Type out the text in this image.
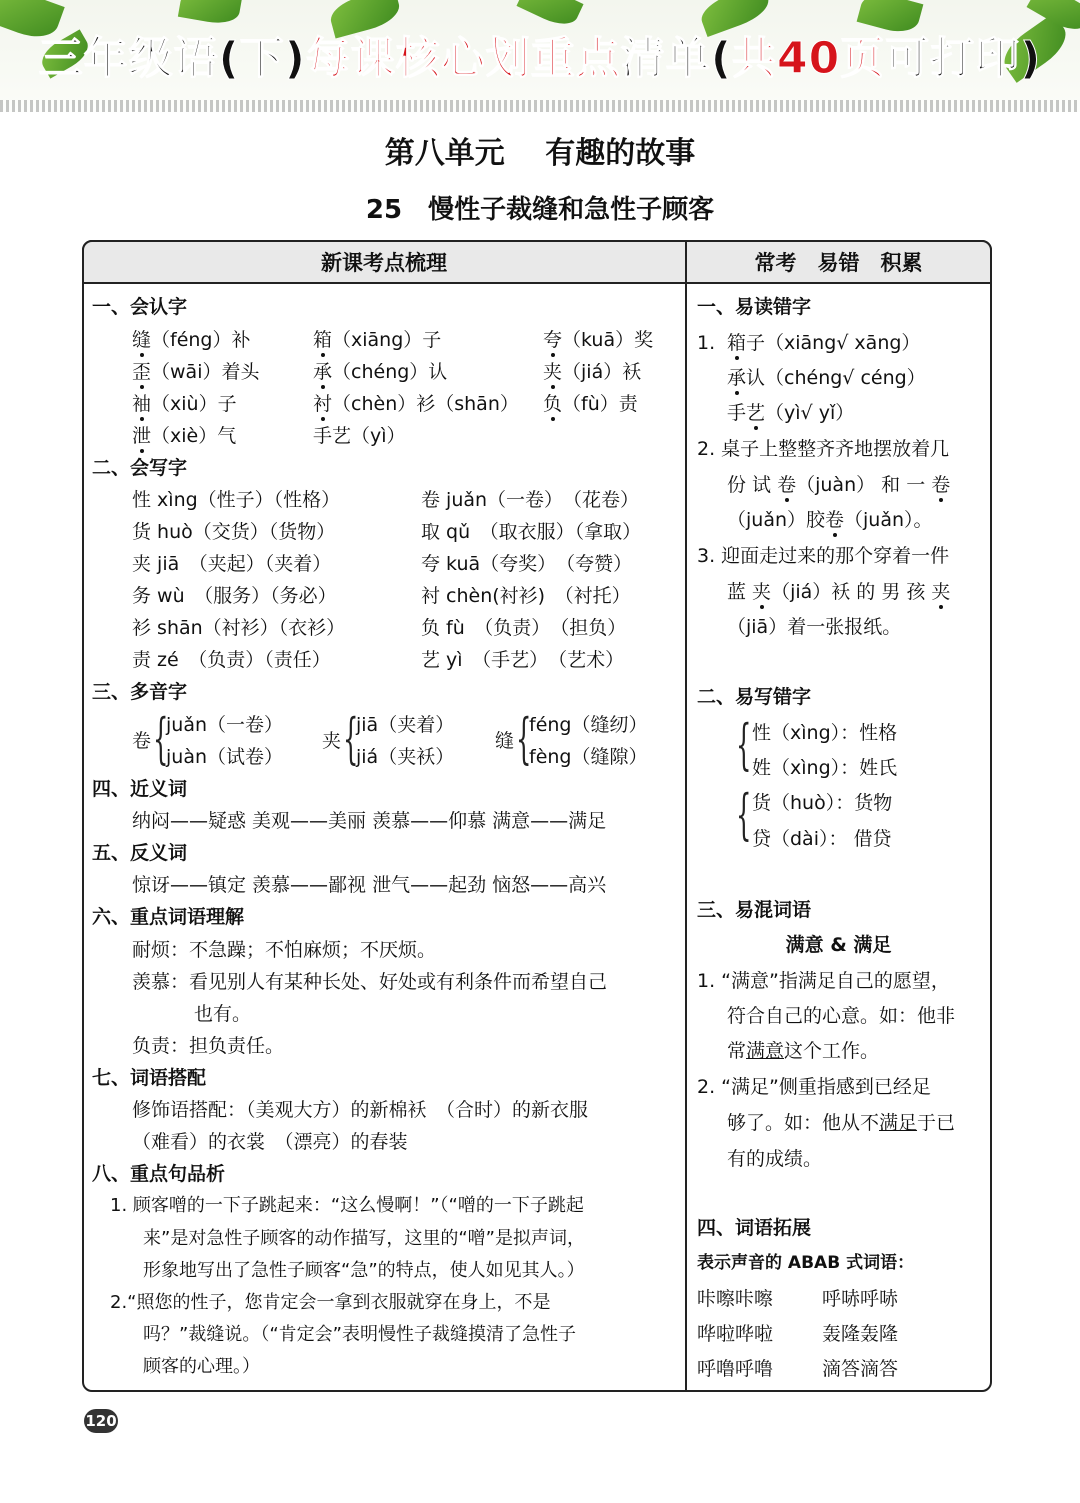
三年级语(下)每课核心划重点清单(共40页可打印)
第八单元　 有趣的故事
25　慢性子裁缝和急性子顾客
新课考点梳理	常考　易错　积累
一、会认字
缝（féng）补	箱（xiāng）子	夸（kuā）奖
歪（wāi）着头	承（chéng）认	夹（jiá）袄
袖（xiù）子	衬（chèn）衫（shān） 负（fù）责
泄（xiè）气	手艺（yì）
二、会写字
性 xìng（性子）（性格）	卷 juǎn（一卷）　（花卷）
货 huò（交货）（货物）	取 qǔ　（取衣服）（拿取）
夹 jiā　（夹起）（夹着）	夸 kuā（夸奖）　（夸赞）
务 wù　（服务）（务必）	衬 chèn(衬衫)　（衬托）
衫 shān（衬衫）（衣衫）	负 fù　（负责）　（担负）
责 zé　（负责）（责任）	艺 yì　（手艺）　（艺术）
三、多音字
卷 {
juǎn（一卷）
juàn（试卷）
夹 {
jiā（夹着）
jiá（夹袄）
缝 {
féng（缝纫）
fèng（缝隙）
四、近义词
纳闷——疑惑 美观——美丽 羡慕——仰慕 满意——满足
五、反义词
惊讶——镇定 羡慕——鄙视 泄气——起劲 恼怒——高兴
六、重点词语理解
耐烦：不急躁；不怕麻烦；不厌烦。
羡慕：看见别人有某种长处、好处或有利条件而希望自己
也有。
负责：担负责任。
七、词语搭配
修饰语搭配：（美观大方）的新棉袄　（合时）的新衣服
（难看）的衣裳　（漂亮）的春装
八、重点句品析
1. 顾客噌的一下子跳起来：“这么慢啊！”（“噌的一下子跳起
来”是对急性子顾客的动作描写，这里的“噌”是拟声词，
形象地写出了急性子顾客“急”的特点，使人如见其人。）
2.“照您的性子，您肯定会一拿到衣服就穿在身上，不是
吗？”裁缝说。（“肯定会”表明慢性子裁缝摸清了急性子
顾客的心理。）
一、易读错字
1. 箱子（xiāng√ xāng）
承认（chéng√ céng）
手艺（yì√ yǐ）
2. 桌子上整整齐齐地摆放着几
份 试 卷（juàn） 和 一 卷
（juǎn）胶卷（juǎn）。
3. 迎面走过来的那个穿着一件
蓝 夹（jiá）袄 的 男 孩 夹
（jiā）着一张报纸。
二、易写错字
{ 性（xìng）：性格
姓（xìng）：姓氏
{ 货（huò）：货物
贷（dài）： 借贷
三、易混词语
满意 & 满足
1. “满意”指满足自己的愿望，
符合自己的心意。如：他非
常满意这个工作。
2. “满足”侧重指感到已经足
够了。如：他从不满足于已
有的成绩。
四、词语拓展
表示声音的 ABAB 式词语：
咔嚓咔嚓	呼哧呼哧
哗啦哗啦	轰隆轰隆
呼噜呼噜	滴答滴答
120
